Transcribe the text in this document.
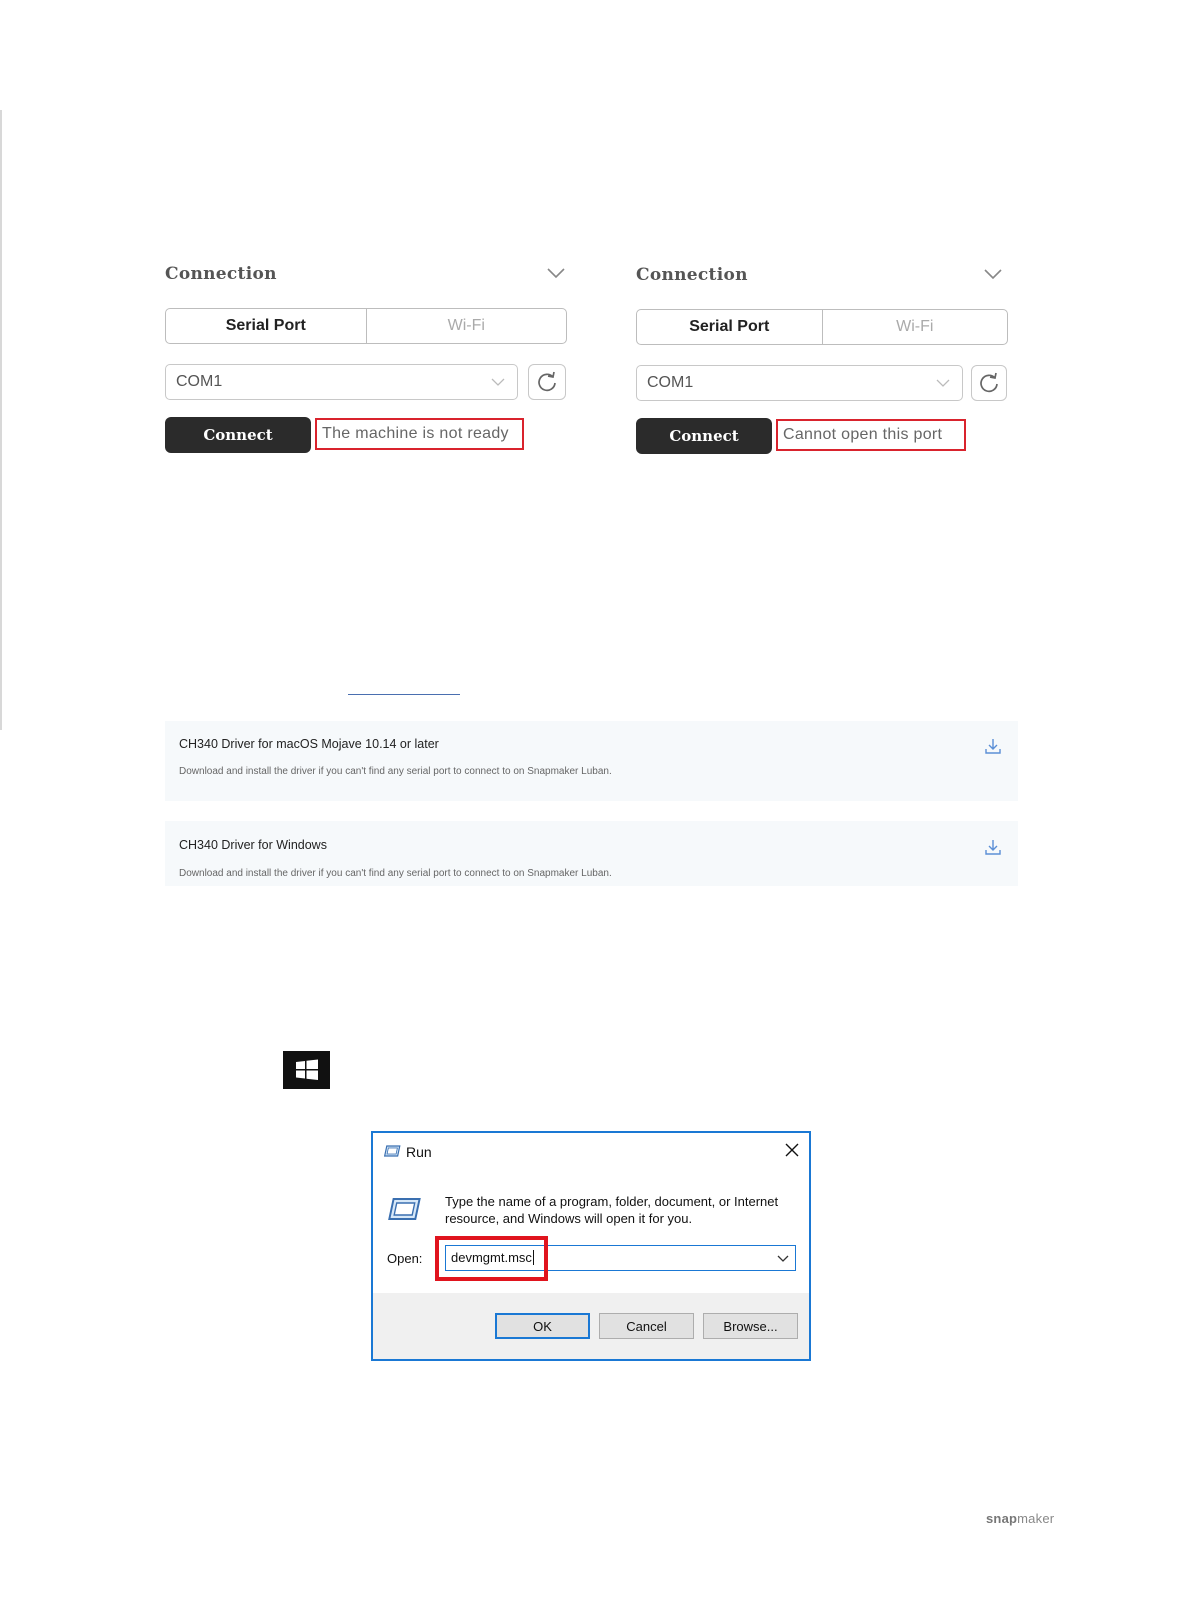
Connection
Serial Port	Wi-Fi
COM1
Connect	The machine is not ready
Connection
Serial Port	Wi-Fi
COM1
Connect	Cannot open this port
CH340 Driver for macOS Mojave 10.14 or later
Download and install the driver if you can't find any serial port to connect to on Snapmaker Luban.
CH340 Driver for Windows
Download and install the driver if you can't find any serial port to connect to on Snapmaker Luban.
Run
Type the name of a program, folder, document, or Internet resource, and Windows will open it for you.
Open: devmgmt.msc
OK	Cancel	Browse...
snapmaker
